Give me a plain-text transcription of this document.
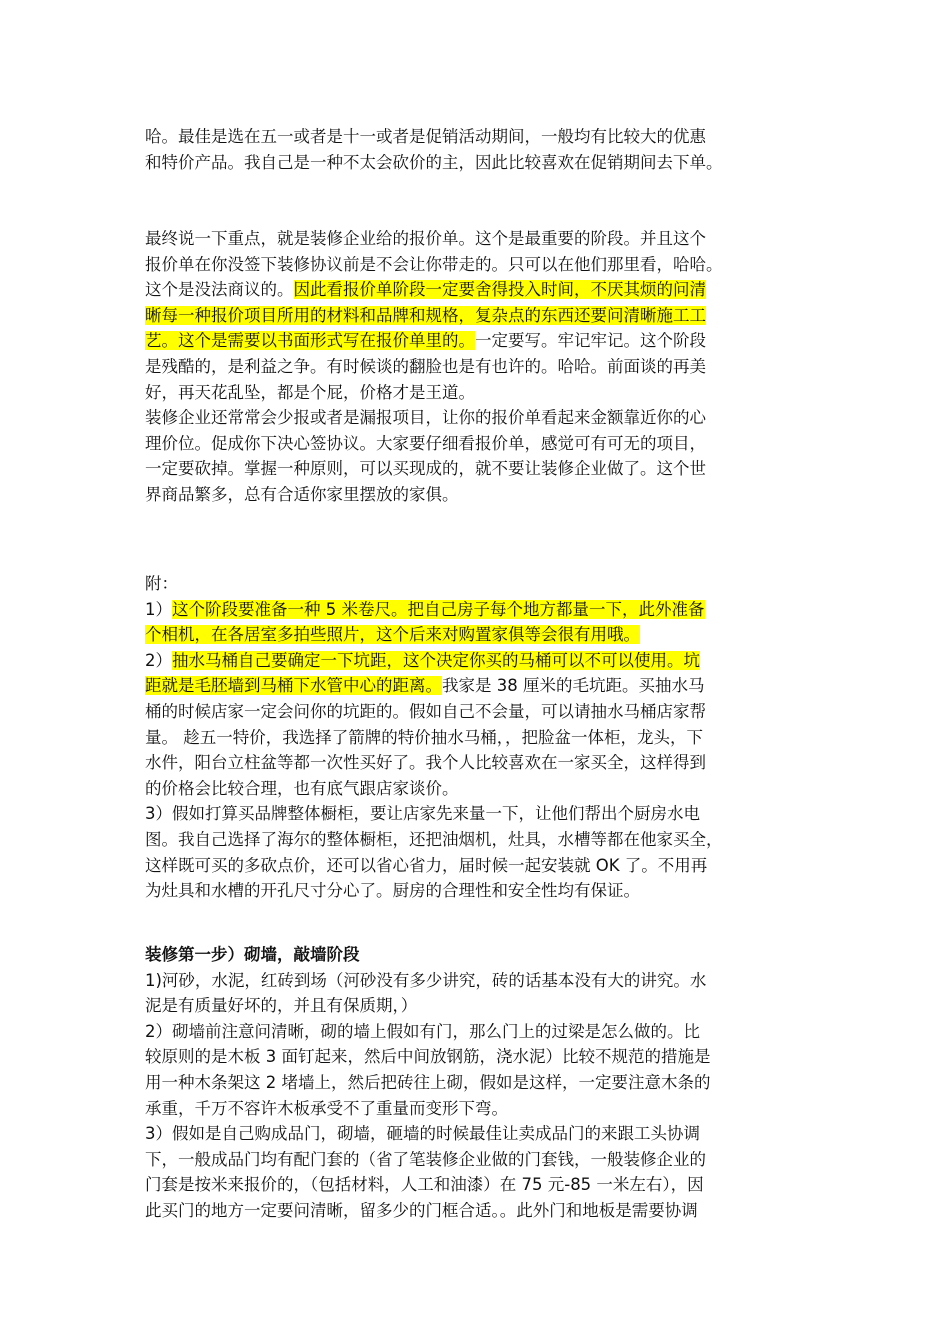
哈。最佳是选在五一或者是十一或者是促销活动期间，一般均有比较大的优惠
和特价产品。我自己是一种不太会砍价的主，因此比较喜欢在促销期间去下单。
最终说一下重点，就是装修企业给的报价单。这个是最重要的阶段。并且这个
报价单在你没签下装修协议前是不会让你带走的。只可以在他们那里看，哈哈。
这个是没法商议的。因此看报价单阶段一定要舍得投入时间，不厌其烦的问清
晰每一种报价项目所用的材料和品牌和规格，复杂点的东西还要问清晰施工工
艺。这个是需要以书面形式写在报价单里的。一定要写。牢记牢记。这个阶段
是残酷的，是利益之争。有时候谈的翻脸也是有也许的。哈哈。前面谈的再美
好，再天花乱坠，都是个屁，价格才是王道。
装修企业还常常会少报或者是漏报项目，让你的报价单看起来金额靠近你的心
理价位。促成你下决心签协议。大家要仔细看报价单，感觉可有可无的项目，
一定要砍掉。掌握一种原则，可以买现成的，就不要让装修企业做了。这个世
界商品繁多，总有合适你家里摆放的家俱。
附：
1）这个阶段要准备一种 5 米卷尺。把自己房子每个地方都量一下，此外准备
个相机，在各居室多拍些照片，这个后来对购置家俱等会很有用哦。
2）抽水马桶自己要确定一下坑距，这个决定你买的马桶可以不可以使用。坑
距就是毛胚墙到马桶下水管中心的距离。我家是 38 厘米的毛坑距。买抽水马
桶的时候店家一定会问你的坑距的。假如自己不会量，可以请抽水马桶店家帮
量。 趁五一特价，我选择了箭牌的特价抽水马桶，，把脸盆一体柜，龙头，下
水件，阳台立柱盆等都一次性买好了。我个人比较喜欢在一家买全，这样得到
的价格会比较合理，也有底气跟店家谈价。
3）假如打算买品牌整体橱柜，要让店家先来量一下，让他们帮出个厨房水电
图。我自己选择了海尔的整体橱柜，还把油烟机，灶具，水槽等都在他家买全，
这样既可买的多砍点价，还可以省心省力，届时候一起安装就 OK 了。不用再
为灶具和水槽的开孔尺寸分心了。厨房的合理性和安全性均有保证。
装修第一步）砌墙，敲墙阶段
1)河砂，水泥，红砖到场（河砂没有多少讲究，砖的话基本没有大的讲究。水
泥是有质量好坏的，并且有保质期，）
2）砌墙前注意问清晰，砌的墙上假如有门，那么门上的过梁是怎么做的。比
较原则的是木板 3 面钉起来，然后中间放钢筋，浇水泥）比较不规范的措施是
用一种木条架这 2 堵墙上，然后把砖往上砌，假如是这样，一定要注意木条的
承重，千万不容许木板承受不了重量而变形下弯。
3）假如是自己购成品门，砌墙，砸墙的时候最佳让卖成品门的来跟工头协调
下，一般成品门均有配门套的（省了笔装修企业做的门套钱，一般装修企业的
门套是按米来报价的，（包括材料，人工和油漆）在 75 元-85 一米左右），因
此买门的地方一定要问清晰，留多少的门框合适。。此外门和地板是需要协调
